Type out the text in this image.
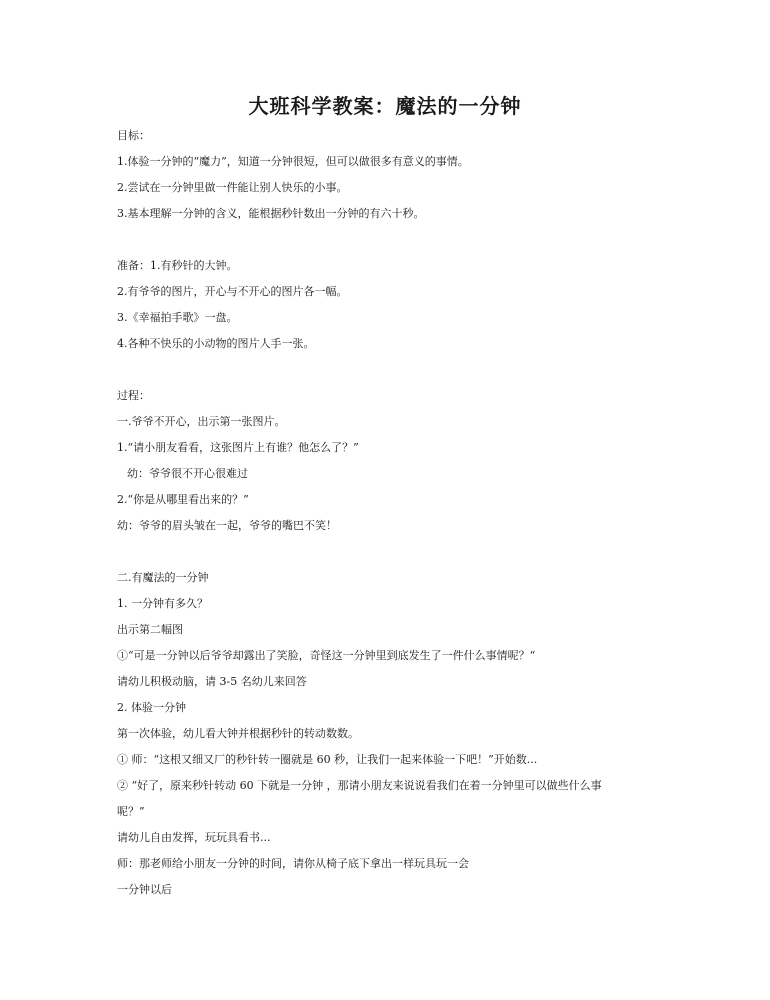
大班科学教案：魔法的一分钟
目标：
1.体验一分钟的“魔力”，知道一分钟很短，但可以做很多有意义的事情。
2.尝试在一分钟里做一件能让别人快乐的小事。
3.基本理解一分钟的含义，能根据秒针数出一分钟的有六十秒。
准备：1.有秒针的大钟。
2.有爷爷的图片，开心与不开心的图片各一幅。
3.《幸福拍手歌》一盘。
4.各种不快乐的小动物的图片人手一张。
过程：
一.爷爷不开心，出示第一张图片。
1.“请小朋友看看，这张图片上有谁？他怎么了？”
幼：爷爷很不开心很难过
2.“你是从哪里看出来的？”
幼：爷爷的眉头皱在一起，爷爷的嘴巴不笑！
二.有魔法的一分钟
1. 一分钟有多久？
出示第二幅图
①“可是一分钟以后爷爷却露出了笑脸，奇怪这一分钟里到底发生了一件什么事情呢？“
请幼儿积极动脑，请 3-5 名幼儿来回答
2. 体验一分钟
第一次体验，幼儿看大钟并根据秒针的转动数数。
① 师：“这根又细又厂的秒针转一圈就是 60 秒，让我们一起来体验一下吧！”开始数...
② “好了，原来秒针转动 60 下就是一分钟 ，那请小朋友来说说看我们在着一分钟里可以做些什么事
呢？”
请幼儿自由发挥，玩玩具看书...
师：那老师给小朋友一分钟的时间，请你从椅子底下拿出一样玩具玩一会
一分钟以后
